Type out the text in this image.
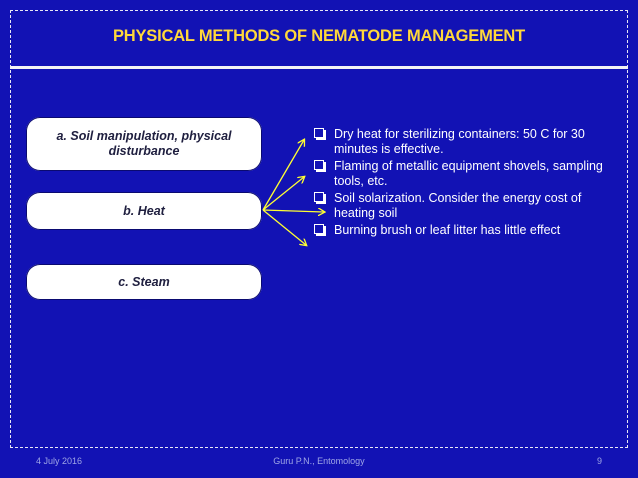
PHYSICAL METHODS OF NEMATODE MANAGEMENT
a. Soil manipulation, physical disturbance
b. Heat
c. Steam
Dry heat for sterilizing containers: 50 C for 30 minutes is effective.
Flaming of metallic equipment shovels, sampling tools, etc.
Soil solarization. Consider the energy cost of heating soil
Burning brush or leaf litter has little effect
4 July 2016	Guru P.N., Entomology	9
